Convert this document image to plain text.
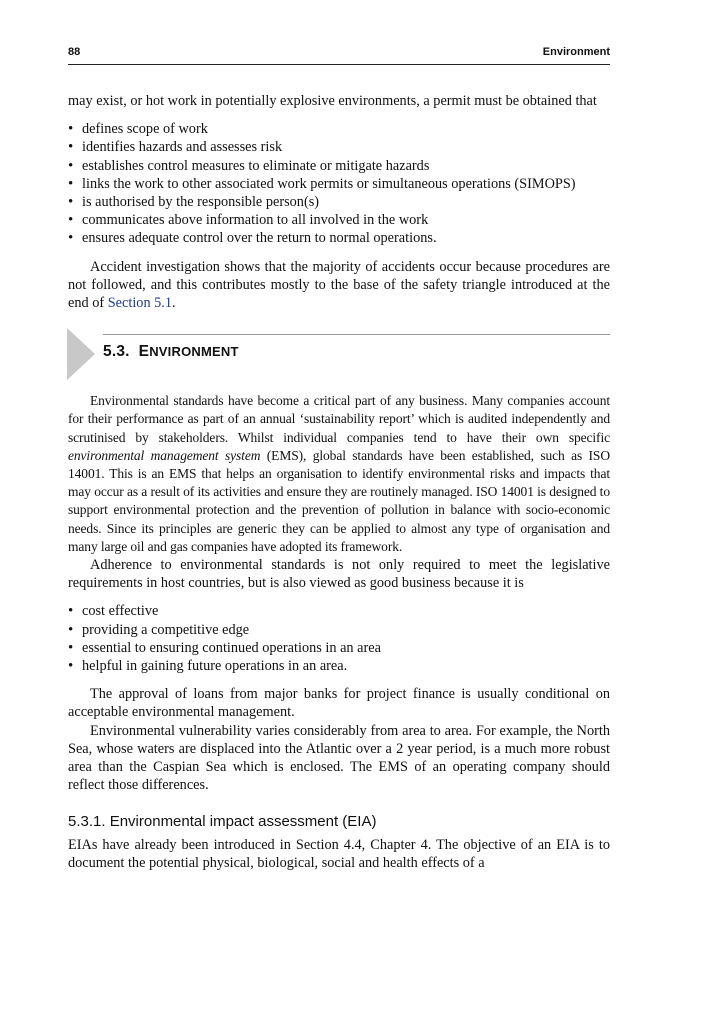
88	Environment

may exist, or hot work in potentially explosive environments, a permit must be obtained that

• defines scope of work
• identifies hazards and assesses risk
• establishes control measures to eliminate or mitigate hazards
• links the work to other associated work permits or simultaneous operations (SIMOPS)
• is authorised by the responsible person(s)
• communicates above information to all involved in the work
• ensures adequate control over the return to normal operations.

Accident investigation shows that the majority of accidents occur because procedures are not followed, and this contributes mostly to the base of the safety triangle introduced at the end of Section 5.1.

5.3. ENVIRONMENT

Environmental standards have become a critical part of any business. Many companies account for their performance as part of an annual ‘sustainability report’ which is audited independently and scrutinised by stakeholders. Whilst individual companies tend to have their own specific environmental management system (EMS), global standards have been established, such as ISO 14001. This is an EMS that helps an organisation to identify environmental risks and impacts that may occur as a result of its activities and ensure they are routinely managed. ISO 14001 is designed to support environmental protection and the prevention of pollution in balance with socio-economic needs. Since its principles are generic they can be applied to almost any type of organisation and many large oil and gas companies have adopted its framework.

Adherence to environmental standards is not only required to meet the legislative requirements in host countries, but is also viewed as good business because it is

• cost effective
• providing a competitive edge
• essential to ensuring continued operations in an area
• helpful in gaining future operations in an area.

The approval of loans from major banks for project finance is usually conditional on acceptable environmental management.

Environmental vulnerability varies considerably from area to area. For example, the North Sea, whose waters are displaced into the Atlantic over a 2 year period, is a much more robust area than the Caspian Sea which is enclosed. The EMS of an operating company should reflect those differences.

5.3.1. Environmental impact assessment (EIA)

EIAs have already been introduced in Section 4.4, Chapter 4. The objective of an EIA is to document the potential physical, biological, social and health effects of a
